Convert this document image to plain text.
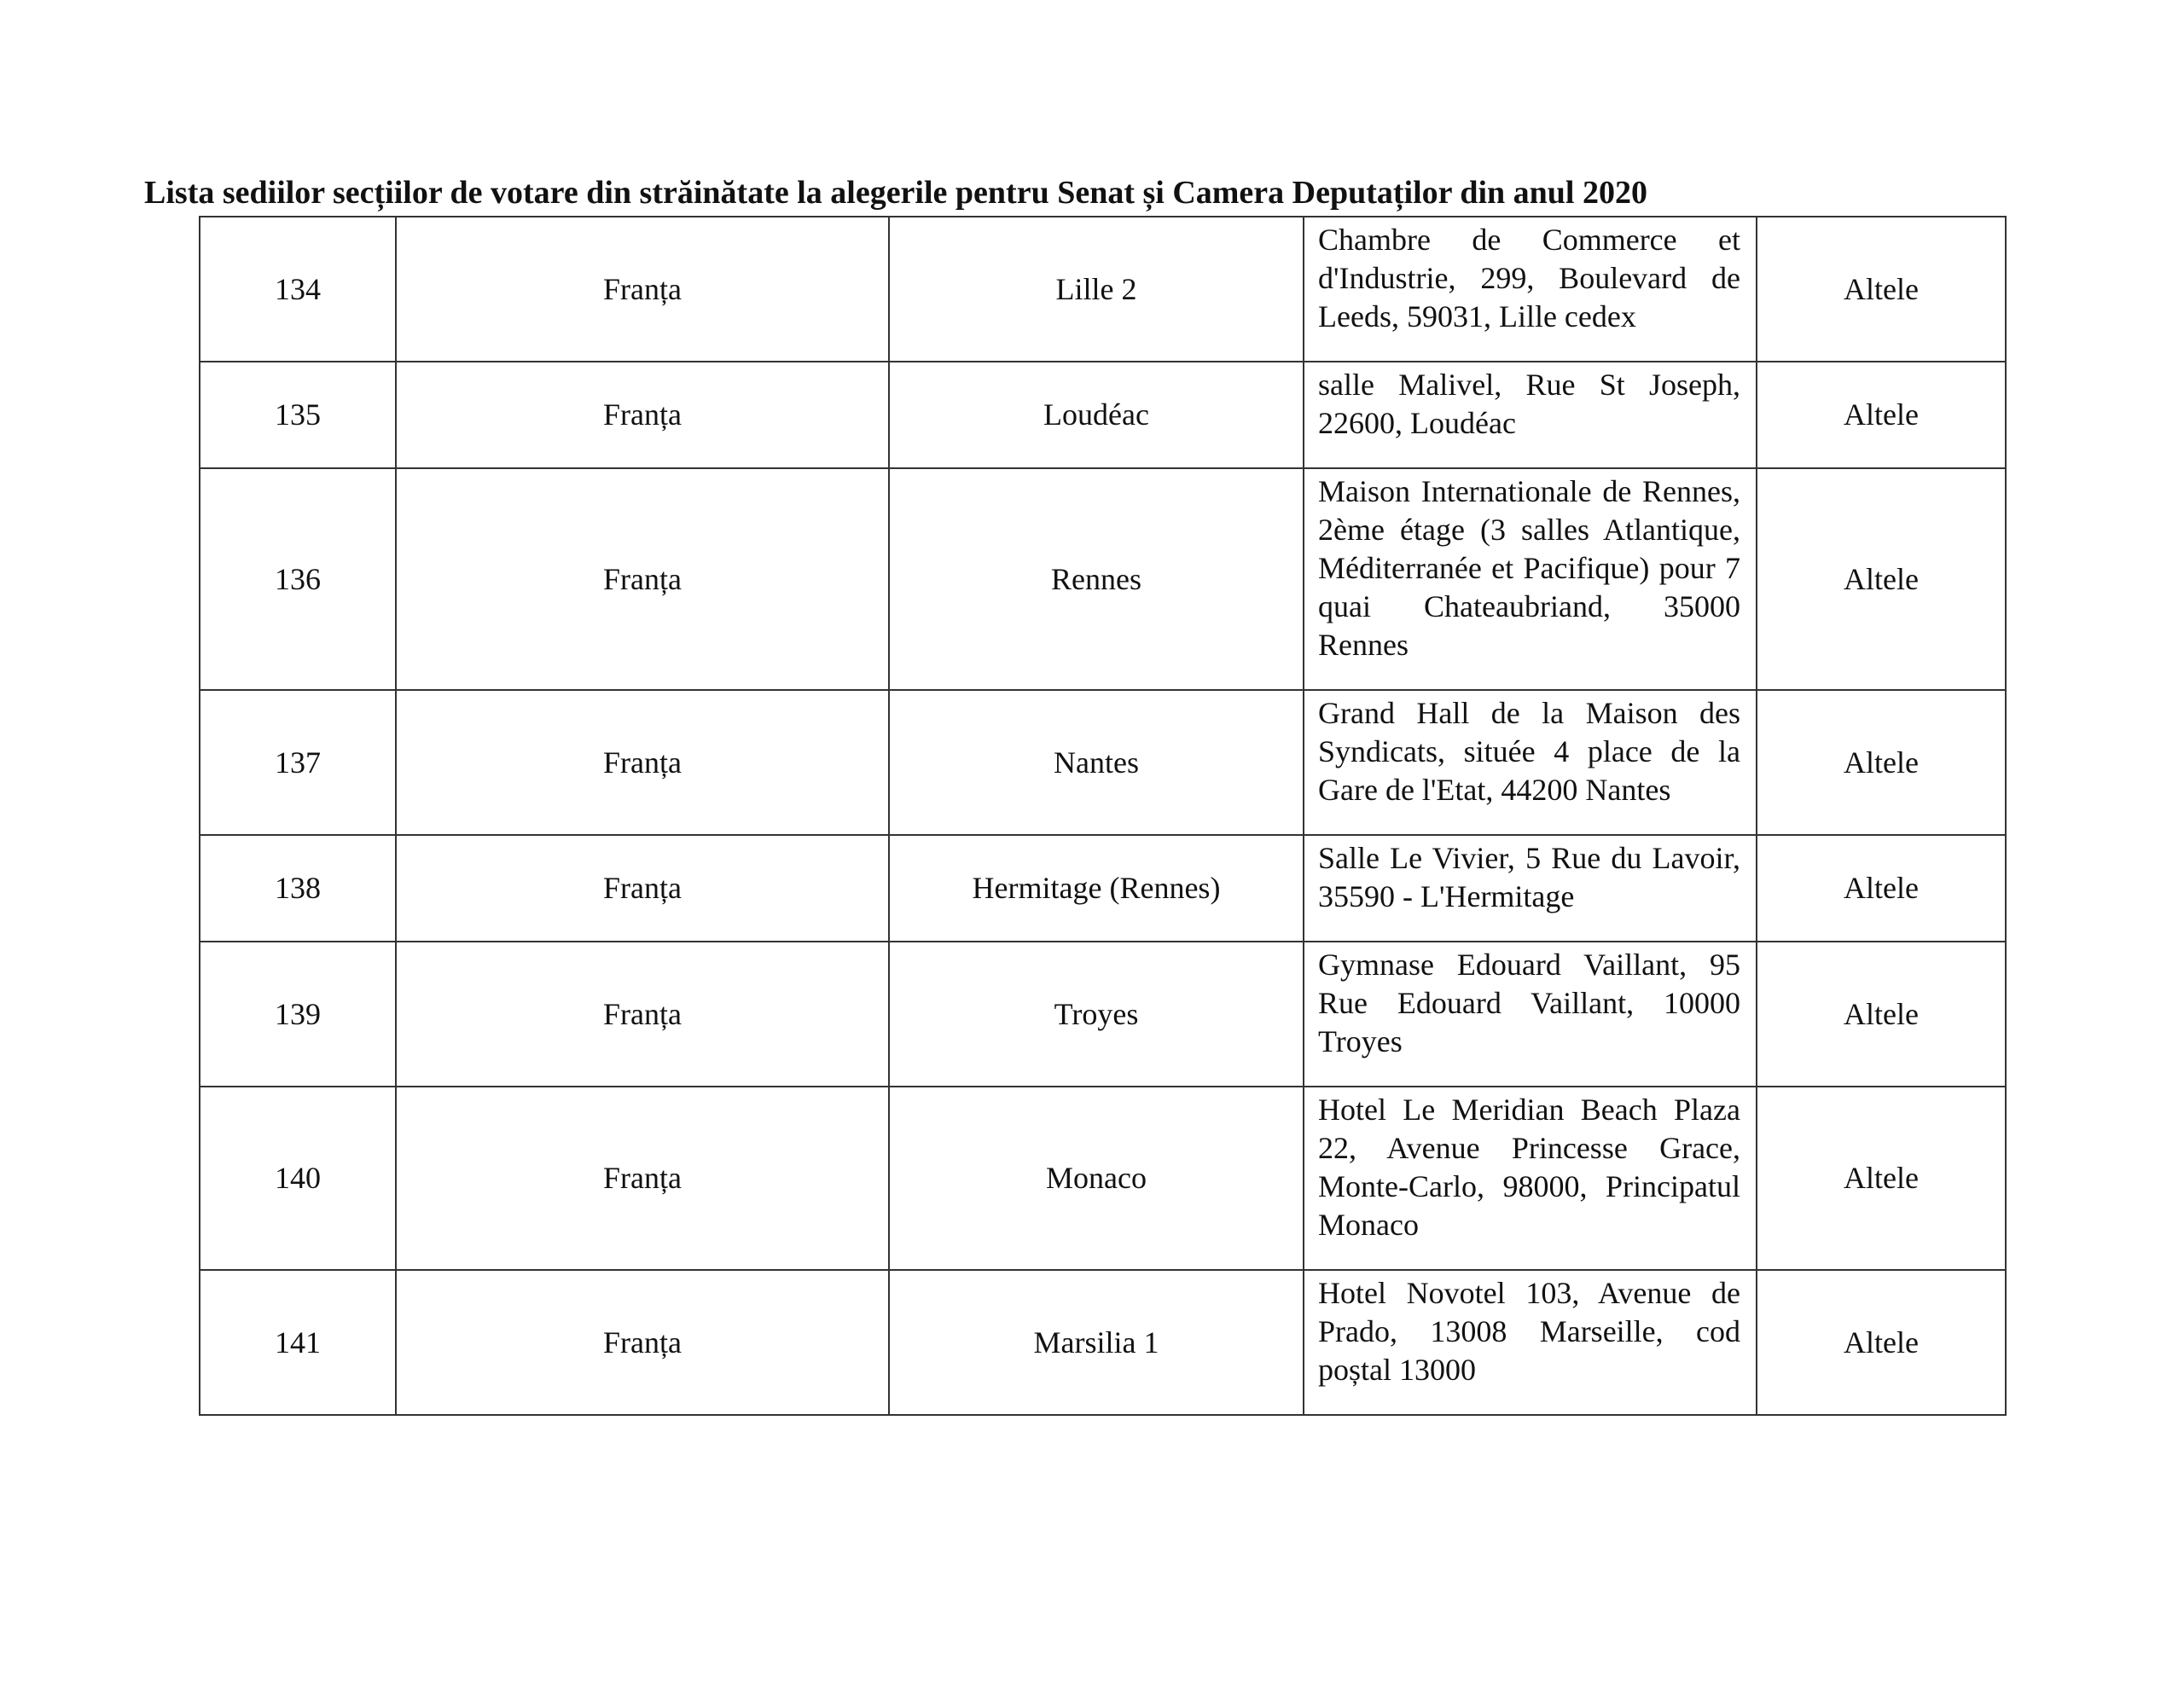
Lista sediilor secțiilor de votare din străinătate la alegerile pentru Senat și Camera Deputaților din anul 2020
134	Franța	Lille 2	Chambre de Commerce et d'Industrie, 299, Boulevard de Leeds, 59031, Lille cedex	Altele
135	Franța	Loudéac	salle Malivel, Rue St Joseph, 22600, Loudéac	Altele
136	Franța	Rennes	Maison Internationale de Rennes, 2ème étage (3 salles Atlantique, Méditerranée et Pacifique) pour 7 quai Chateaubriand, 35000 Rennes	Altele
137	Franța	Nantes	Grand Hall de la Maison des Syndicats, située 4 place de la Gare de l'Etat, 44200 Nantes	Altele
138	Franța	Hermitage (Rennes)	Salle Le Vivier, 5 Rue du Lavoir, 35590 - L'Hermitage	Altele
139	Franța	Troyes	Gymnase Edouard Vaillant, 95 Rue Edouard Vaillant, 10000 Troyes	Altele
140	Franța	Monaco	Hotel Le Meridian Beach Plaza 22, Avenue Princesse Grace, Monte-Carlo, 98000, Principatul Monaco	Altele
141	Franța	Marsilia 1	Hotel Novotel 103, Avenue de Prado, 13008 Marseille, cod poștal 13000	Altele
